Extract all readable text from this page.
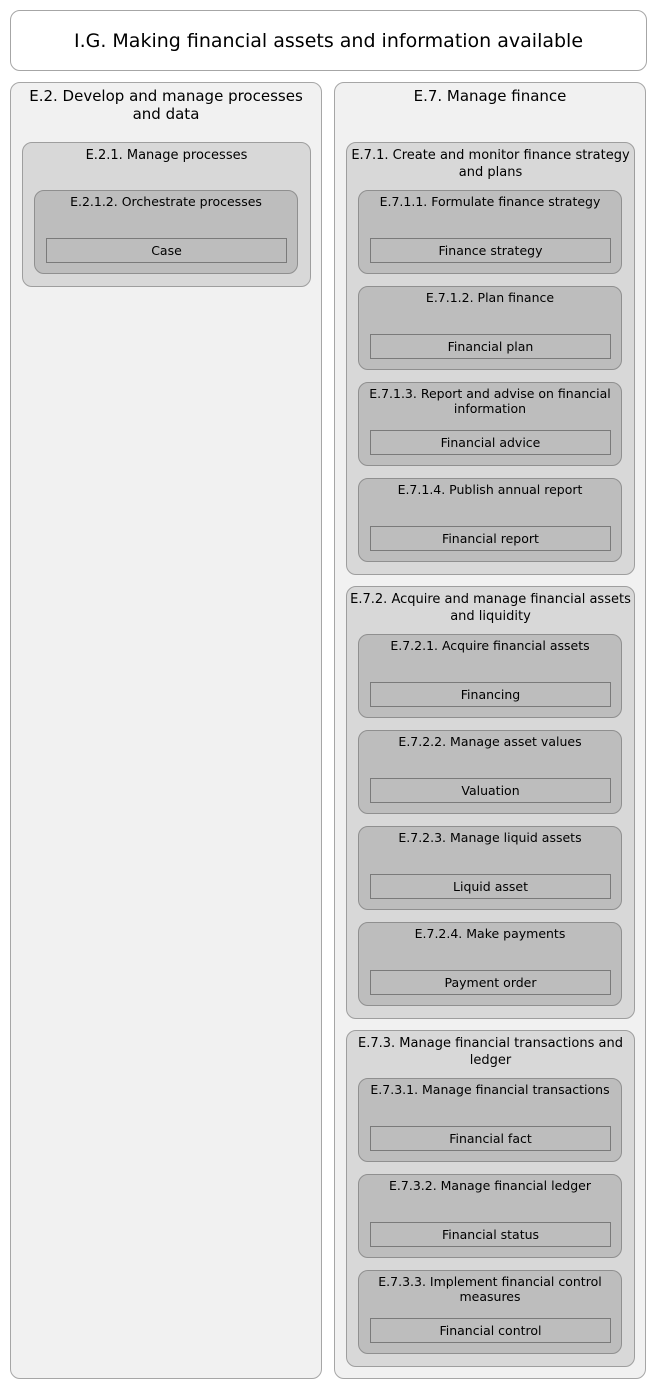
I.G. Making financial assets and information available
E.2. Develop and manage processes and data
E.2.1. Manage processes
E.2.1.2. Orchestrate processes
Case
E.7. Manage finance
E.7.1. Create and monitor finance strategy and plans
E.7.1.1. Formulate finance strategy
Finance strategy
E.7.1.2. Plan finance
Financial plan
E.7.1.3. Report and advise on financial information
Financial advice
E.7.1.4. Publish annual report
Financial report
E.7.2. Acquire and manage financial assets and liquidity
E.7.2.1. Acquire financial assets
Financing
E.7.2.2. Manage asset values
Valuation
E.7.2.3. Manage liquid assets
Liquid asset
E.7.2.4. Make payments
Payment order
E.7.3. Manage financial transactions and ledger
E.7.3.1. Manage financial transactions
Financial fact
E.7.3.2. Manage financial ledger
Financial status
E.7.3.3. Implement financial control measures
Financial control
